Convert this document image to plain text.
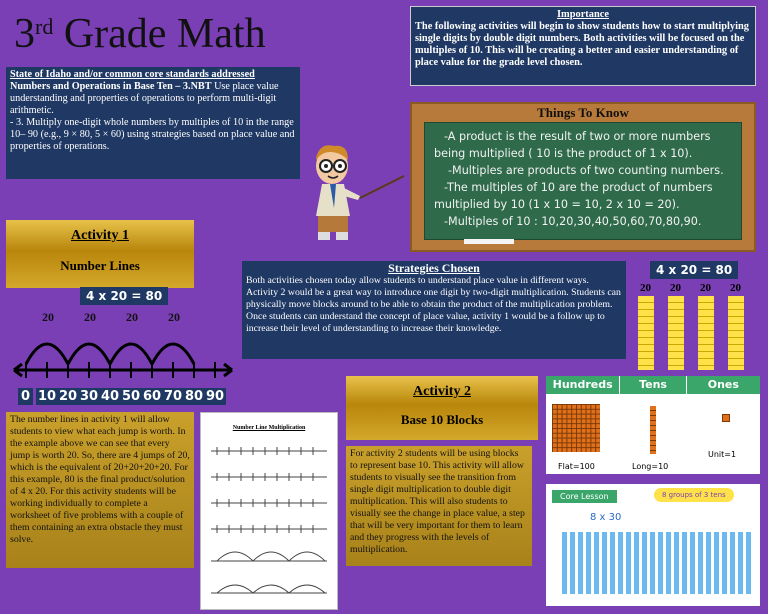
3rd Grade Math
State of Idaho and/or common core standards addressed
Numbers and Operations in Base Ten – 3.NBT Use place value understanding and properties of operations to perform multi-digit arithmetic.
- 3. Multiply one-digit whole numbers by multiples of 10 in the range 10– 90 (e.g., 9 × 80, 5 × 60) using strategies based on place value and properties of operations.
Importance
The following activities will begin to show students how to start multiplying single digits by double digit numbers. Both activities will be focused on the multiples of 10. This will be creating a better and easier understanding of place value for the grade level chosen.
Things To Know
-A product is the result of two or more numbers
being multiplied ( 10 is the product of 1 x 10).
-Multiples are products of two counting numbers.
-The multiples of 10 are the product of numbers
multiplied by 10 (1 x 10 = 10, 2 x 10 = 20).
-Multiples of 10 : 10,20,30,40,50,60,70,80,90.
Activity 1
Number Lines
4 x 20 = 80
20	20	20	20
0 10 20 30 40 50 60 70 80 90
The number lines in activity 1 will allow students to view what each jump is worth. In the example above we can see that every jump is worth 20. So, there are 4 jumps of 20, which is the equivalent of 20+20+20+20. For this example, 80 is the final product/solution of 4 x 20. For this activity students will be working individually to complete a worksheet of five problems with a couple of them containing an extra obstacle they must solve.
Number Line Multiplication
Strategies Chosen
Both activities chosen today allow students to understand place value in different ways. Activity 2 would be a great way to introduce one digit by two-digit multiplication. Students can physically move blocks around to be able to obtain the product of the multiplication problem. Once students can understand the concept of place value, activity 1 would be a follow up to increase their level of understanding to increase their knowledge.
4 x 20 = 80
20 20 20 20
Activity 2
Base 10 Blocks
For activity 2 students will be using blocks to represent base 10. This activity will allow students to visually see the transition from single digit multiplication to double digit multiplication. This will also students to visually see the change in place value, a step that will be very important for them to learn and they progress with the levels of multiplication.
Hundreds	Tens	Ones
Flat=100	Long=10
Unit=1
Core Lesson	8 groups of 3 tens
8 x 30
